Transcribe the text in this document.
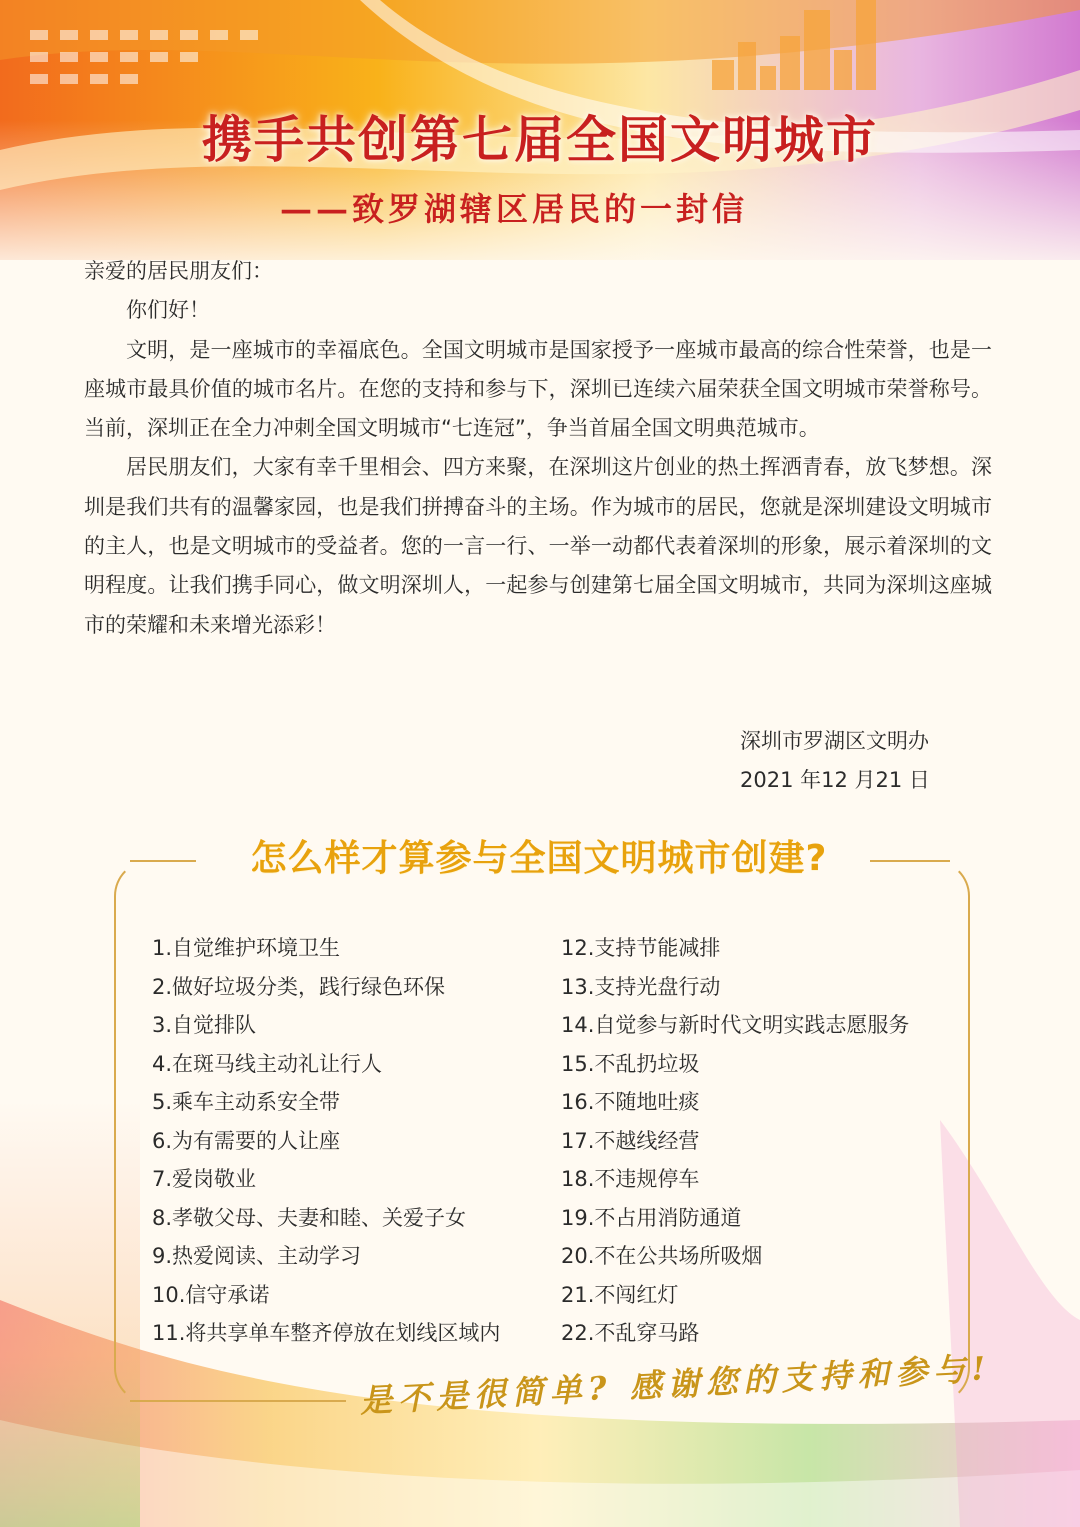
携手共创第七届全国文明城市
——致罗湖辖区居民的一封信

亲爱的居民朋友们：

你们好！

文明，是一座城市的幸福底色。全国文明城市是国家授予一座城市最高的综合性荣誉，也是一座城市最具价值的城市名片。在您的支持和参与下，深圳已连续六届荣获全国文明城市荣誉称号。当前，深圳正在全力冲刺全国文明城市“七连冠”，争当首届全国文明典范城市。

居民朋友们，大家有幸千里相会、四方来聚，在深圳这片创业的热土挥洒青春，放飞梦想。深圳是我们共有的温馨家园，也是我们拼搏奋斗的主场。作为城市的居民，您就是深圳建设文明城市的主人，也是文明城市的受益者。您的一言一行、一举一动都代表着深圳的形象，展示着深圳的文明程度。让我们携手同心，做文明深圳人，一起参与创建第七届全国文明城市，共同为深圳这座城市的荣耀和未来增光添彩！

深圳市罗湖区文明办
2021 年12 月21 日
怎么样才算参与全国文明城市创建?
1.自觉维护环境卫生
2.做好垃圾分类，践行绿色环保
3.自觉排队
4.在斑马线主动礼让行人
5.乘车主动系安全带
6.为有需要的人让座
7.爱岗敬业
8.孝敬父母、夫妻和睦、关爱子女
9.热爱阅读、主动学习
10.信守承诺
11.将共享单车整齐停放在划线区域内
12.支持节能减排
13.支持光盘行动
14.自觉参与新时代文明实践志愿服务
15.不乱扔垃圾
16.不随地吐痰
17.不越线经营
18.不违规停车
19.不占用消防通道
20.不在公共场所吸烟
21.不闯红灯
22.不乱穿马路
是不是很简单? 感谢您的支持和参与!
